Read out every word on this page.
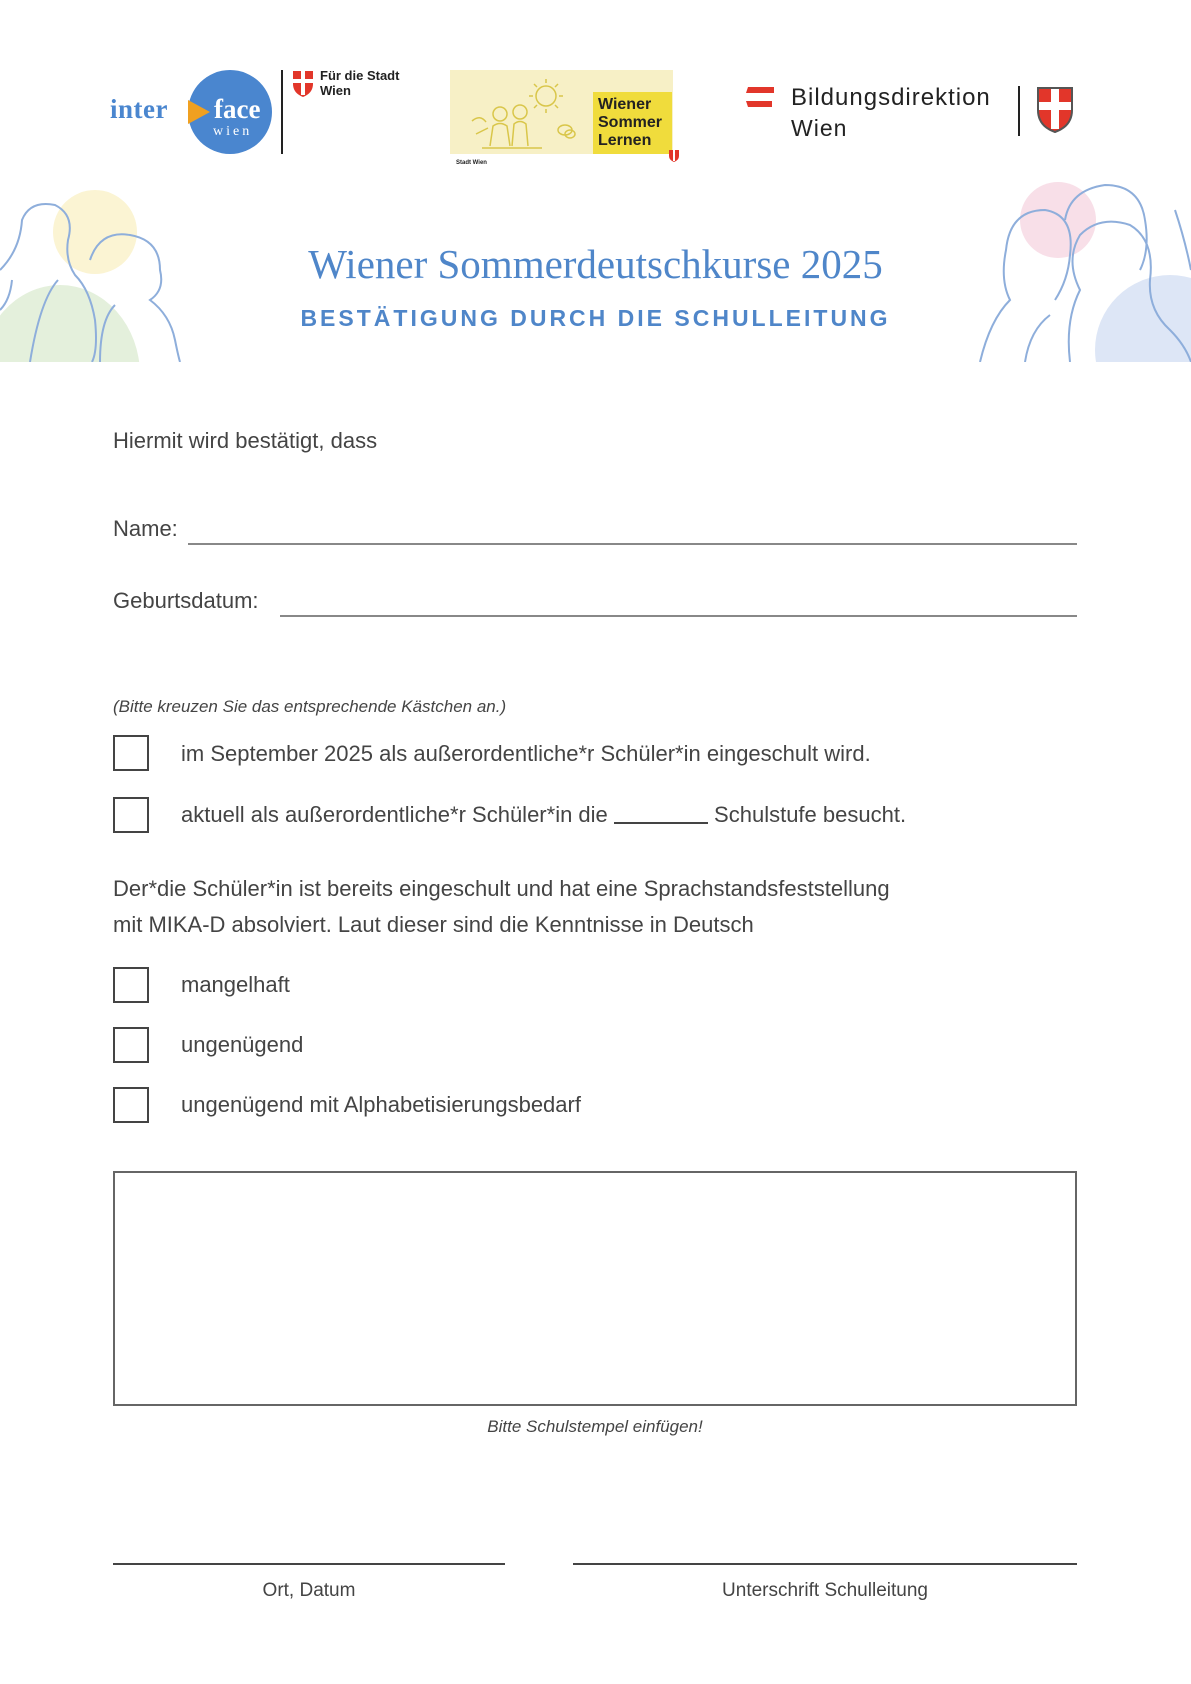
inter face
wien
Für die Stadt Wien
Wiener
Sommer
Lernen
Stadt Wien
Bildungsdirektion
Wien
Wiener Sommerdeutschkurse 2025
BESTÄTIGUNG DURCH DIE SCHULLEITUNG
Hiermit wird bestätigt, dass
Name:
Geburtsdatum:
(Bitte kreuzen Sie das entsprechende Kästchen an.)
im September 2025 als außerordentliche*r Schüler*in eingeschult wird.
aktuell als außerordentliche*r Schüler*in die	Schulstufe besucht.
Der*die Schüler*in ist bereits eingeschult und hat eine Sprachstandsfeststellung
mit MIKA-D absolviert. Laut dieser sind die Kenntnisse in Deutsch
mangelhaft
ungenügend
ungenügend mit Alphabetisierungsbedarf
Bitte Schulstempel einfügen!
Ort, Datum	Unterschrift Schulleitung
